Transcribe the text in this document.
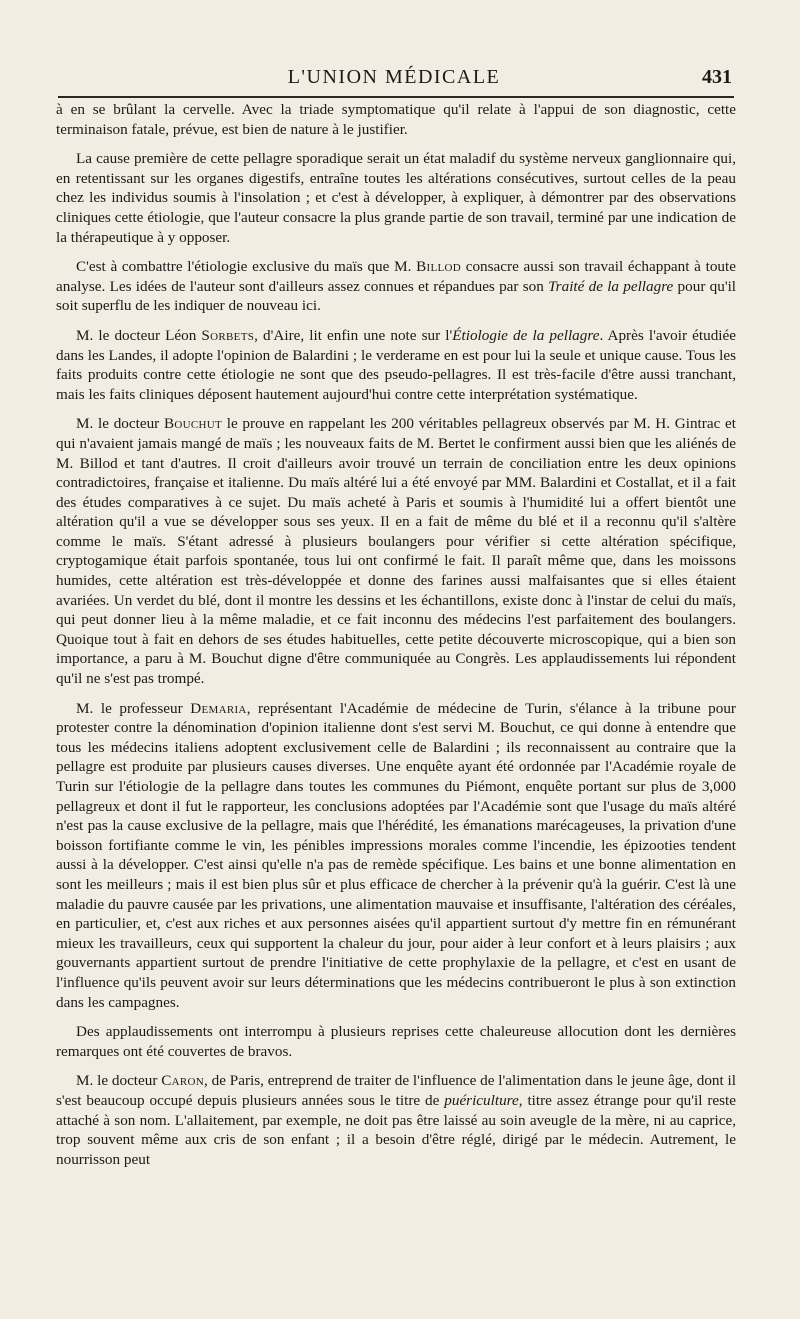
L'UNION MÉDICALE	431

à en se brûlant la cervelle. Avec la triade symptomatique qu'il relate à l'appui de son diagnostic, cette terminaison fatale, prévue, est bien de nature à le justifier.

La cause première de cette pellagre sporadique serait un état maladif du système nerveux ganglionnaire qui, en retentissant sur les organes digestifs, entraîne toutes les altérations consécutives, surtout celles de la peau chez les individus soumis à l'insolation ; et c'est à développer, à expliquer, à démontrer par des observations cliniques cette étiologie, que l'auteur consacre la plus grande partie de son travail, terminé par une indication de la thérapeutique à y opposer.

C'est à combattre l'étiologie exclusive du maïs que M. Billod consacre aussi son travail échappant à toute analyse. Les idées de l'auteur sont d'ailleurs assez connues et répandues par son Traité de la pellagre pour qu'il soit superflu de les indiquer de nouveau ici.

M. le docteur Léon Sorbets, d'Aire, lit enfin une note sur l'Étiologie de la pellagre. Après l'avoir étudiée dans les Landes, il adopte l'opinion de Balardini ; le verderame en est pour lui la seule et unique cause. Tous les faits produits contre cette étiologie ne sont que des pseudo-pellagres. Il est très-facile d'être aussi tranchant, mais les faits cliniques déposent hautement aujourd'hui contre cette interprétation systématique.

M. le docteur Bouchut le prouve en rappelant les 200 véritables pellagreux observés par M. H. Gintrac et qui n'avaient jamais mangé de maïs ; les nouveaux faits de M. Bertet le confirment aussi bien que les aliénés de M. Billod et tant d'autres. Il croit d'ailleurs avoir trouvé un terrain de conciliation entre les deux opinions contradictoires, française et italienne. Du maïs altéré lui a été envoyé par MM. Balardini et Costallat, et il a fait des études comparatives à ce sujet. Du maïs acheté à Paris et soumis à l'humidité lui a offert bientôt une altération qu'il a vue se développer sous ses yeux. Il en a fait de même du blé et il a reconnu qu'il s'altère comme le maïs. S'étant adressé à plusieurs boulangers pour vérifier si cette altération spécifique, cryptogamique était parfois spontanée, tous lui ont confirmé le fait. Il paraît même que, dans les moissons humides, cette altération est très-développée et donne des farines aussi malfaisantes que si elles étaient avariées. Un verdet du blé, dont il montre les dessins et les échantillons, existe donc à l'instar de celui du maïs, qui peut donner lieu à la même maladie, et ce fait inconnu des médecins l'est parfaitement des boulangers. Quoique tout à fait en dehors de ses études habituelles, cette petite découverte microscopique, qui a bien son importance, a paru à M. Bouchut digne d'être communiquée au Congrès. Les applaudissements lui répondent qu'il ne s'est pas trompé.

M. le professeur Demaria, représentant l'Académie de médecine de Turin, s'élance à la tribune pour protester contre la dénomination d'opinion italienne dont s'est servi M. Bouchut, ce qui donne à entendre que tous les médecins italiens adoptent exclusivement celle de Balardini ; ils reconnaissent au contraire que la pellagre est produite par plusieurs causes diverses. Une enquête ayant été ordonnée par l'Académie royale de Turin sur l'étiologie de la pellagre dans toutes les communes du Piémont, enquête portant sur plus de 3,000 pellagreux et dont il fut le rapporteur, les conclusions adoptées par l'Académie sont que l'usage du maïs altéré n'est pas la cause exclusive de la pellagre, mais que l'hérédité, les émanations marécageuses, la privation d'une boisson fortifiante comme le vin, les pénibles impressions morales comme l'incendie, les épizooties tendent aussi à la développer. C'est ainsi qu'elle n'a pas de remède spécifique. Les bains et une bonne alimentation en sont les meilleurs ; mais il est bien plus sûr et plus efficace de chercher à la prévenir qu'à la guérir. C'est là une maladie du pauvre causée par les privations, une alimentation mauvaise et insuffisante, l'altération des céréales, en particulier, et, c'est aux riches et aux personnes aisées qu'il appartient surtout d'y mettre fin en rémunérant mieux les travailleurs, ceux qui supportent la chaleur du jour, pour aider à leur confort et à leurs plaisirs ; aux gouvernants appartient surtout de prendre l'initiative de cette prophylaxie de la pellagre, et c'est en usant de l'influence qu'ils peuvent avoir sur leurs déterminations que les médecins contribueront le plus à son extinction dans les campagnes.

Des applaudissements ont interrompu à plusieurs reprises cette chaleureuse allocution dont les dernières remarques ont été couvertes de bravos.

M. le docteur Caron, de Paris, entreprend de traiter de l'influence de l'alimentation dans le jeune âge, dont il s'est beaucoup occupé depuis plusieurs années sous le titre de puériculture, titre assez étrange pour qu'il reste attaché à son nom. L'allaitement, par exemple, ne doit pas être laissé au soin aveugle de la mère, ni au caprice, trop souvent même aux cris de son enfant ; il a besoin d'être réglé, dirigé par le médecin. Autrement, le nourrisson peut
